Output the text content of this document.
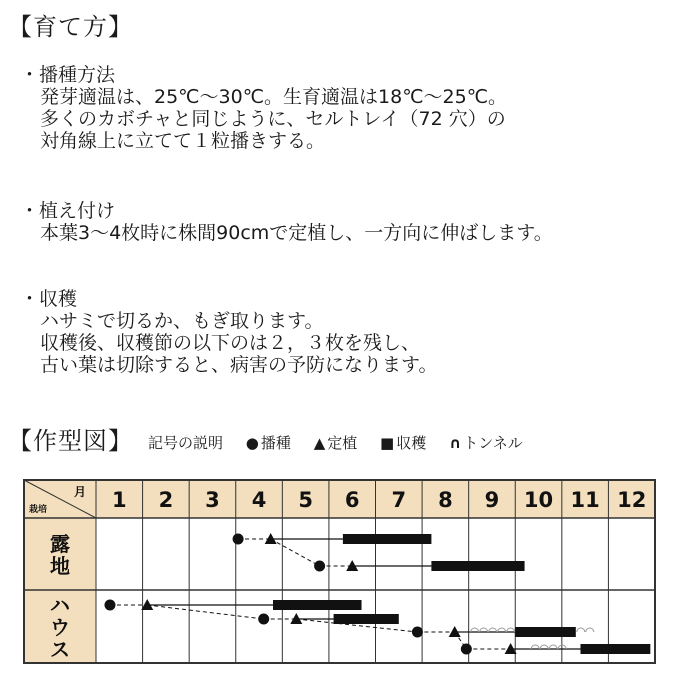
【育て方】
・播種方法
発芽適温は、25℃〜30℃。生育適温は18℃〜25℃。
多くのカボチャと同じように、セルトレイ（72 穴）の
対角線上に立てて１粒播きする。
・植え付け
本葉3〜4枚時に株間90cmで定植し、一方向に伸ばします。
・収穫
ハサミで切るか、もぎ取ります。
収穫後、収穫節の以下のは２，３枚を残し、
古い葉は切除すると、病害の予防になります。
【作型図】 記号の説明 ● 播種 ▲ 定植 ■ 収穫 ∩ トンネル
月
栽培	1 2 3 4 5 6 7 8 9 10 11 12
露
地
ハ
ウ
ス
